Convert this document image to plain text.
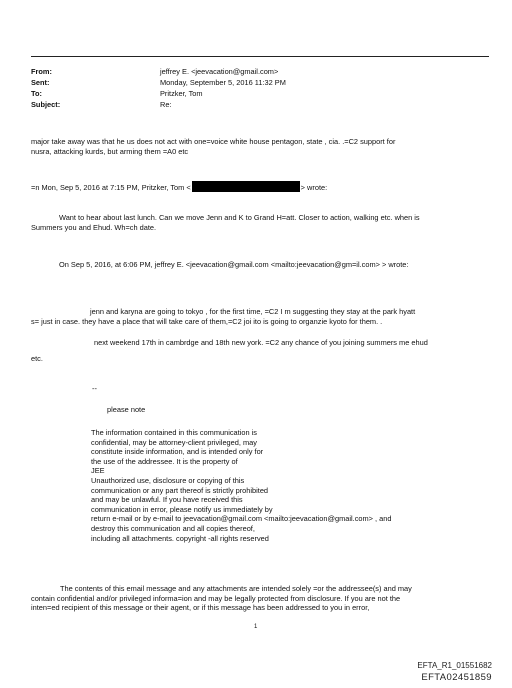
From:
Sent:
To:
Subject:
jeffrey E. <jeevacation@gmail.com>
Monday, September 5, 2016 11:32 PM
Pritzker, Tom
Re:
major take away was that he us does not act with one=voice white house pentagon, state , cia. .=C2 support for
nusra, attacking kurds, but arming them =A0 etc
=n Mon, Sep 5, 2016 at 7:15 PM, Pritzker, Tom <	> wrote:
Want to hear about last lunch. Can we move Jenn and K to Grand H=att. Closer to action, walking etc. when is
Summers you and Ehud. Wh=ch date.
On Sep 5, 2016, at 6:06 PM, jeffrey E. <jeevacation@gmail.com <mailto:jeevacation@gm=il.com> > wrote:
jenn and karyna are going to tokyo , for the first time, =C2 I m suggesting they stay at the park hyatt
s= just in case. they have a place that will take care of them,=C2 joi ito is going to organzie kyoto for them. .
next weekend 17th in cambrdge and 18th new york. =C2 any chance of you joining summers me ehud
etc.
--
please note
The information contained in this communication is
confidential, may be attorney-client privileged, may
constitute inside information, and is intended only for
the use of the addressee. It is the property of
JEE
Unauthorized use, disclosure or copying of this
communication or any part thereof is strictly prohibited
and may be unlawful. If you have received this
communication in error, please notify us immediately by
return e-mail or by e-mail to jeevacation@gmail.com <mailto:jeevacation@gmail.com> , and
destroy this communication and all copies thereof,
including all attachments. copyright -all rights reserved
The contents of this email message and any attachments are intended solely =or the addressee(s) and may
contain confidential and/or privileged informa=ion and may be legally protected from disclosure. If you are not the
inten=ed recipient of this message or their agent, or if this message has been addressed to you in error,
1
EFTA_R1_01551682
EFTA02451859
